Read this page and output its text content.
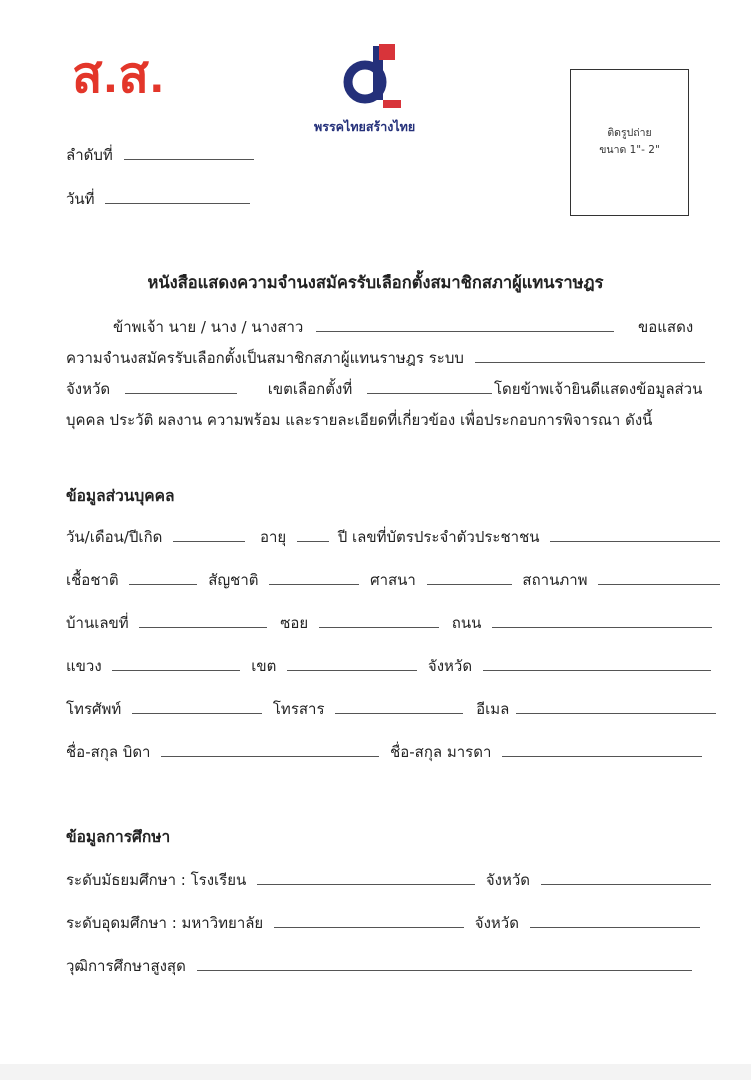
ส.ส.
พรรคไทยสร้างไทย	ติดรูปถ่าย
ขนาด 1"- 2"
ลำดับที่
วันที่
หนังสือแสดงความจำนงสมัครรับเลือกตั้งสมาชิกสภาผู้แทนราษฎร
ข้าพเจ้า นาย / นาง / นางสาว	ขอแสดง
ความจำนงสมัครรับเลือกตั้งเป็นสมาชิกสภาผู้แทนราษฎร ระบบ
จังหวัด	เขตเลือกตั้งที่	โดยข้าพเจ้ายินดีแสดงข้อมูลส่วน
บุคคล ประวัติ ผลงาน ความพร้อม และรายละเอียดที่เกี่ยวข้อง เพื่อประกอบการพิจารณา ดังนี้
ข้อมูลส่วนบุคคล
วัน/เดือน/ปีเกิด	อายุ	ปี เลขที่บัตรประจำตัวประชาชน
เชื้อชาติ	สัญชาติ	ศาสนา	สถานภาพ
บ้านเลขที่	ซอย	ถนน
แขวง	เขต	จังหวัด
โทรศัพท์	โทรสาร	อีเมล
ชื่อ-สกุล บิดา	ชื่อ-สกุล มารดา
ข้อมูลการศึกษา
ระดับมัธยมศึกษา : โรงเรียน	จังหวัด
ระดับอุดมศึกษา : มหาวิทยาลัย	จังหวัด
วุฒิการศึกษาสูงสุด
